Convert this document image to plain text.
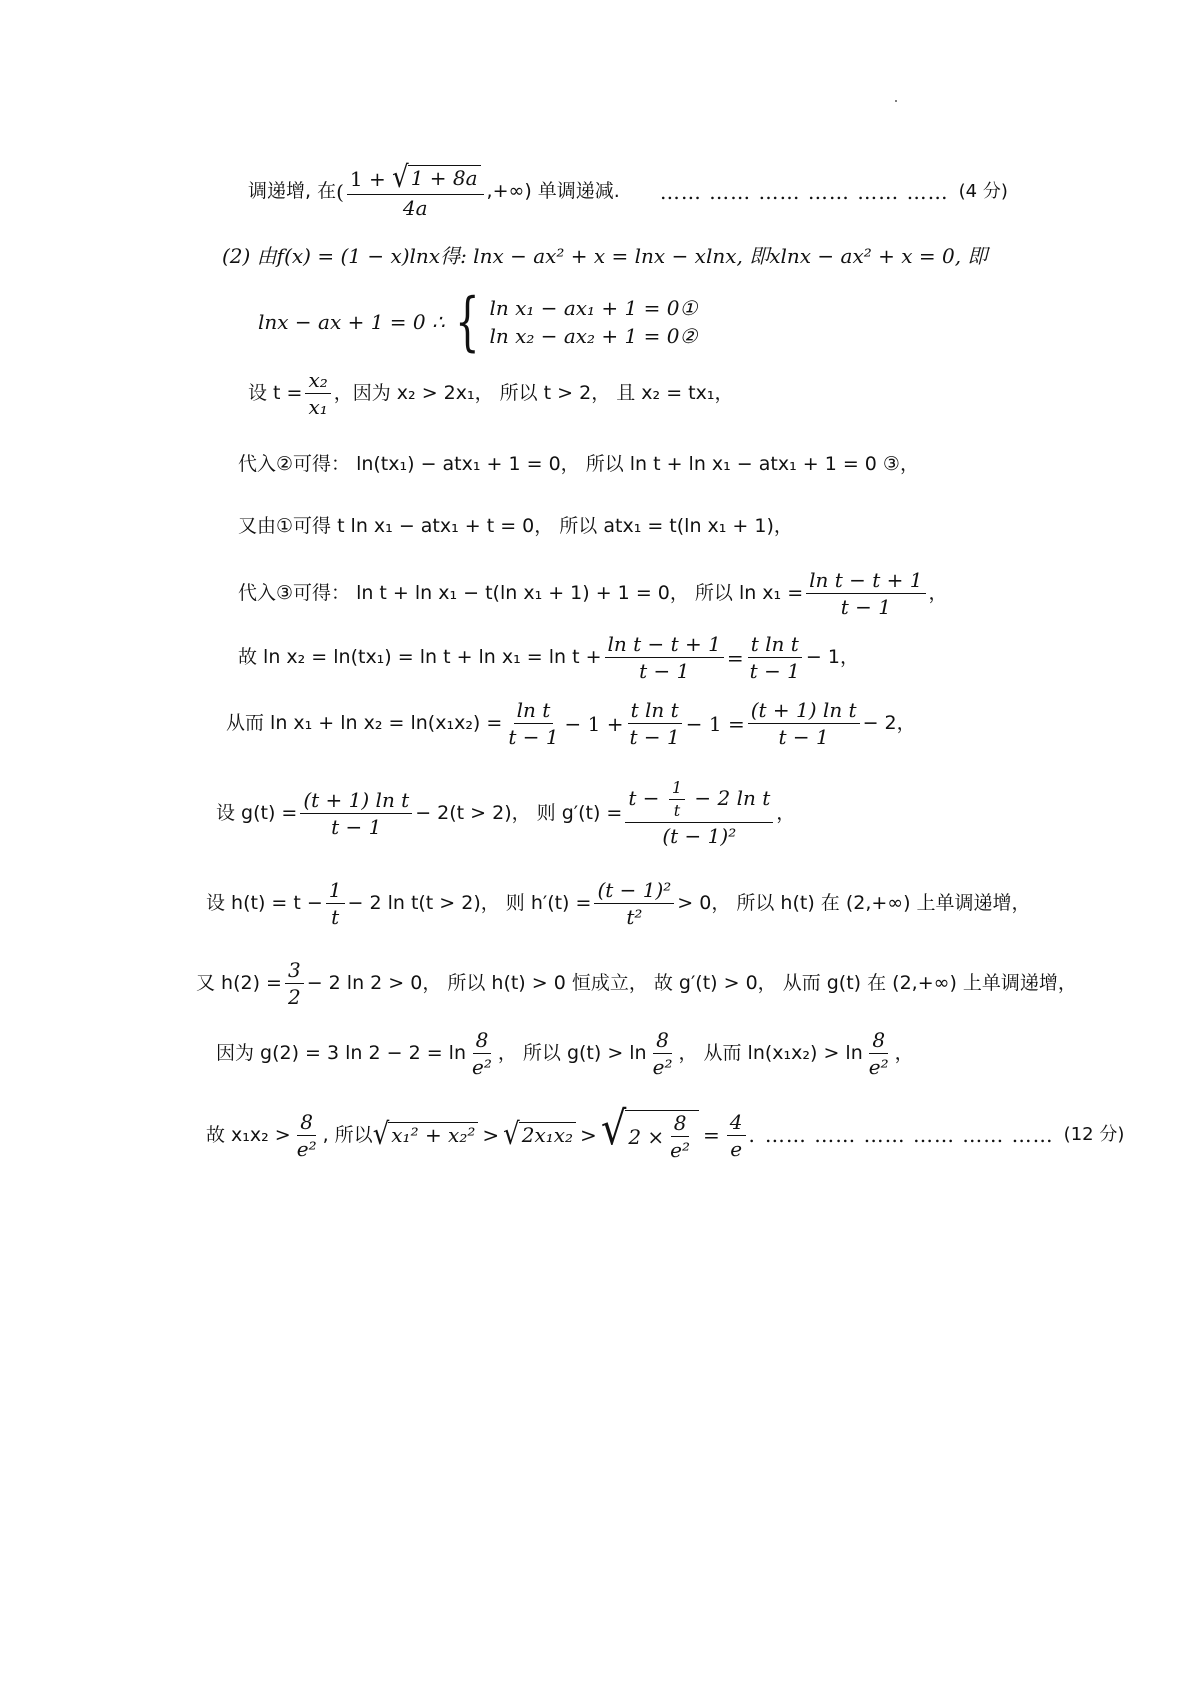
调递增, 在 ( $\frac{1 + √ 1 + 8a}{4a}$ ,+∞) 单调递减. …… …… …… …… …… …… (4 分)
(2) 由f(x) = (1 − x)lnx得: lnx − ax² + x = lnx − xlnx, 即xlnx − ax² + x = 0, 即
lnx − ax + 1 = 0 ∴ { ln x₁ − ax₁ + 1 = 0①
ln x₂ − ax₂ + 1 = 0②
设 $t = \frac{\text{x₂}}{\text{x₁}}$ ，因为 x₂ > 2x₁， 所以 t > 2， 且 x₂ = tx₁，
代入②可得： ln(tx₁) − atx₁ + 1 = 0， 所以 ln t + ln x₁ − atx₁ + 1 = 0 ③，
又由①可得 t ln x₁ − atx₁ + t = 0， 所以 atx₁ = t(ln x₁ + 1)，
代入③可得： ln t + ln x₁ − t(ln x₁ + 1) + 1 = 0， 所以 $\ln x_1 = \frac{\text{ln t − t + 1}}{t - 1}$ ，
故 $\ln x_2 = \ln(tx_1) = \ln t + \ln x_1 = \ln t + \frac{\text{ln t − t + 1}}{t - 1} = \frac{\text{t ln t}}{t - 1} - 1$，
从而 $\ln x_1 + \ln x_2 = \ln(x_1x_2) = \frac{\text{ln t}}{t - 1} - 1 + \frac{\text{t ln t}}{t - 1} - 1 = \frac{\text{(t + 1) ln t}}{t - 1} - 2$，
设 $g(t) = \frac{\text{(t + 1) ln t}}{t - 1} - 2(t > 2)$， 则 $g'(t) = \frac{t - \frac{1}{t} - 2 \ln t}{\text{(t − 1)²}}$ ，
设 $h(t) = t - \frac{1}{t} - 2$ ln t(t > 2)， 则 $h'(t) = \frac{\text{(t − 1)²}}{\text{t²}} > 0$， 所以 h(t) 在 (2,+∞) 上单调递增，
又 $h(2) = \frac{3}{2} - 2$ ln 2 > 0， 所以 h(t) > 0 恒成立， 故 g′(t) > 0， 从而 g(t) 在 (2,+∞) 上单调递增，
因为 g(2) = 3 $\ln 2 - 2 = \ln \frac{8}{\text{e²}}$ ， 所以 $g(t) > \ln \frac{8}{\text{e²}}$ ， 从而 $\ln(x_1x_2) > \ln \frac{8}{\text{e²}}$ ，
故 $x_1x_2 > \frac{8}{\text{e²}}$ , 所以 √ x₁² + x₂² > √ 2x₁x₂ > √ $2 \times \frac{8}{\text{e²}} = \frac{4}{e}$ . …… …… …… …… …… …… (12 分)
